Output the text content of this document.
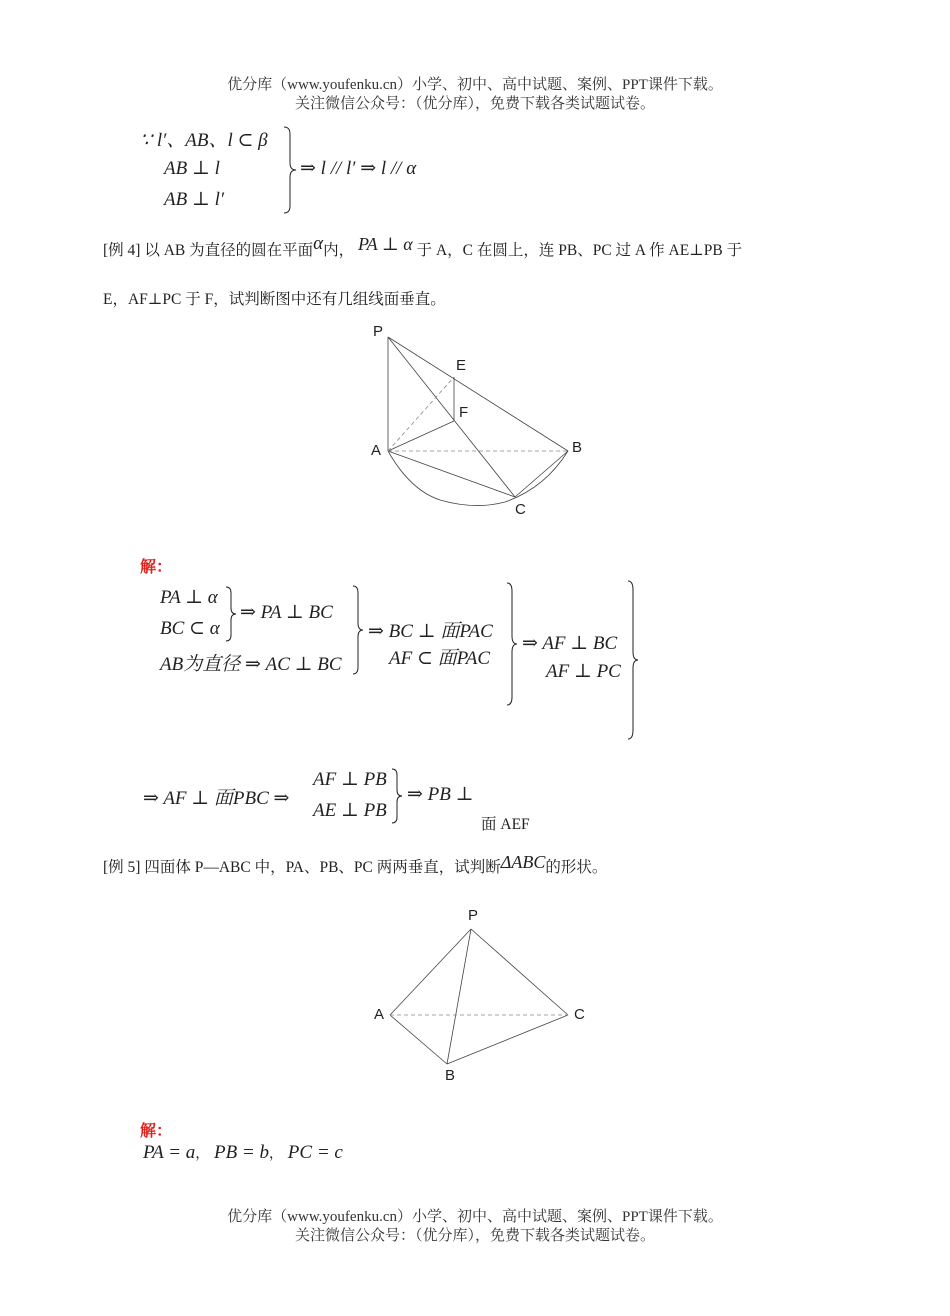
优分库（www.youfenku.cn）小学、初中、高中试题、案例、PPT课件下载。
关注微信公众号：（优分库），免费下载各类试题试卷。
∵ l′、AB、l ⊂ β
AB ⊥ l
AB ⊥ l′
⇒ l // l′ ⇒ l // α
[例 4] 以 AB 为直径的圆在平面α内， PA ⊥ α 于 A，C 在圆上，连 PB、PC 过 A 作 AE⊥PB 于
E，AF⊥PC 于 F，试判断图中还有几组线面垂直。
P
E
F
A	B
C
解：
PA ⊥ α
BC ⊂ α
⇒ PA ⊥ BC
AB为直径 ⇒ AC ⊥ BC
⇒ BC ⊥ 面PAC
AF ⊂ 面PAC
⇒ AF ⊥ BC
AF ⊥ PC
⇒ AF ⊥ 面PBC ⇒
AF ⊥ PB
AE ⊥ PB
⇒ PB ⊥
面 AEF
[例 5] 四面体 P—ABC 中，PA、PB、PC 两两垂直，试判断ΔABC的形状。
P
A	C
B
解：
PA = a， PB = b， PC = c
优分库（www.youfenku.cn）小学、初中、高中试题、案例、PPT课件下载。
关注微信公众号：（优分库），免费下载各类试题试卷。
